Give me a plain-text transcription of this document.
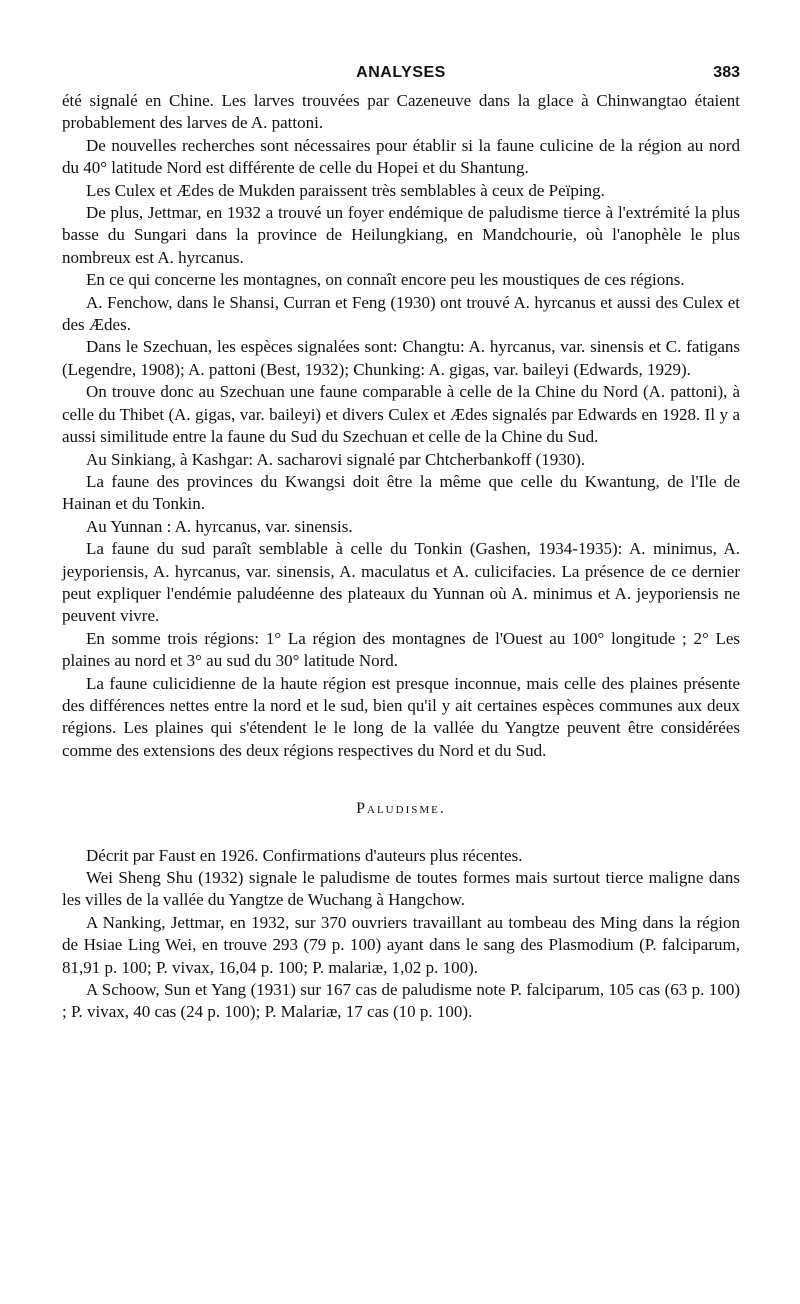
ANALYSES	383

été signalé en Chine. Les larves trouvées par Cazeneuve dans la glace à Chinwangtao étaient probablement des larves de A. pattoni.

De nouvelles recherches sont nécessaires pour établir si la faune culicine de la région au nord du 40° latitude Nord est différente de celle du Hopei et du Shantung.

Les Culex et Ædes de Mukden paraissent très semblables à ceux de Peïping.

De plus, Jettmar, en 1932 a trouvé un foyer endémique de paludisme tierce à l'extrémité la plus basse du Sungari dans la province de Heilungkiang, en Mandchourie, où l'anophèle le plus nombreux est A. hyrcanus.

En ce qui concerne les montagnes, on connaît encore peu les moustiques de ces régions.

A. Fenchow, dans le Shansi, Curran et Feng (1930) ont trouvé A. hyrcanus et aussi des Culex et des Ædes.

Dans le Szechuan, les espèces signalées sont: Changtu: A. hyrcanus, var. sinensis et C. fatigans (Legendre, 1908); A. pattoni (Best, 1932); Chunking: A. gigas, var. baileyi (Edwards, 1929).

On trouve donc au Szechuan une faune comparable à celle de la Chine du Nord (A. pattoni), à celle du Thibet (A. gigas, var. baileyi) et divers Culex et Ædes signalés par Edwards en 1928. Il y a aussi similitude entre la faune du Sud du Szechuan et celle de la Chine du Sud.

Au Sinkiang, à Kashgar: A. sacharovi signalé par Chtcherbankoff (1930).

La faune des provinces du Kwangsi doit être la même que celle du Kwantung, de l'Ile de Hainan et du Tonkin.

Au Yunnan : A. hyrcanus, var. sinensis.

La faune du sud paraît semblable à celle du Tonkin (Gashen, 1934-1935): A. minimus, A. jeyporiensis, A. hyrcanus, var. sinensis, A. maculatus et A. culicifacies. La présence de ce dernier peut expliquer l'endémie paludéenne des plateaux du Yunnan où A. minimus et A. jeyporiensis ne peuvent vivre.

En somme trois régions: 1° La région des montagnes de l'Ouest au 100° longitude ; 2° Les plaines au nord et 3° au sud du 30° latitude Nord.

La faune culicidienne de la haute région est presque inconnue, mais celle des plaines présente des différences nettes entre la nord et le sud, bien qu'il y ait certaines espèces communes aux deux régions. Les plaines qui s'étendent le le long de la vallée du Yangtze peuvent être considérées comme des extensions des deux régions respectives du Nord et du Sud.

Paludisme.

Décrit par Faust en 1926. Confirmations d'auteurs plus récentes.

Wei Sheng Shu (1932) signale le paludisme de toutes formes mais surtout tierce maligne dans les villes de la vallée du Yangtze de Wuchang à Hangchow.

A Nanking, Jettmar, en 1932, sur 370 ouvriers travaillant au tombeau des Ming dans la région de Hsiae Ling Wei, en trouve 293 (79 p. 100) ayant dans le sang des Plasmodium (P. falciparum, 81,91 p. 100; P. vivax, 16,04 p. 100; P. malariæ, 1,02 p. 100).

A Schoow, Sun et Yang (1931) sur 167 cas de paludisme note P. falciparum, 105 cas (63 p. 100) ; P. vivax, 40 cas (24 p. 100); P. Malariæ, 17 cas (10 p. 100).
